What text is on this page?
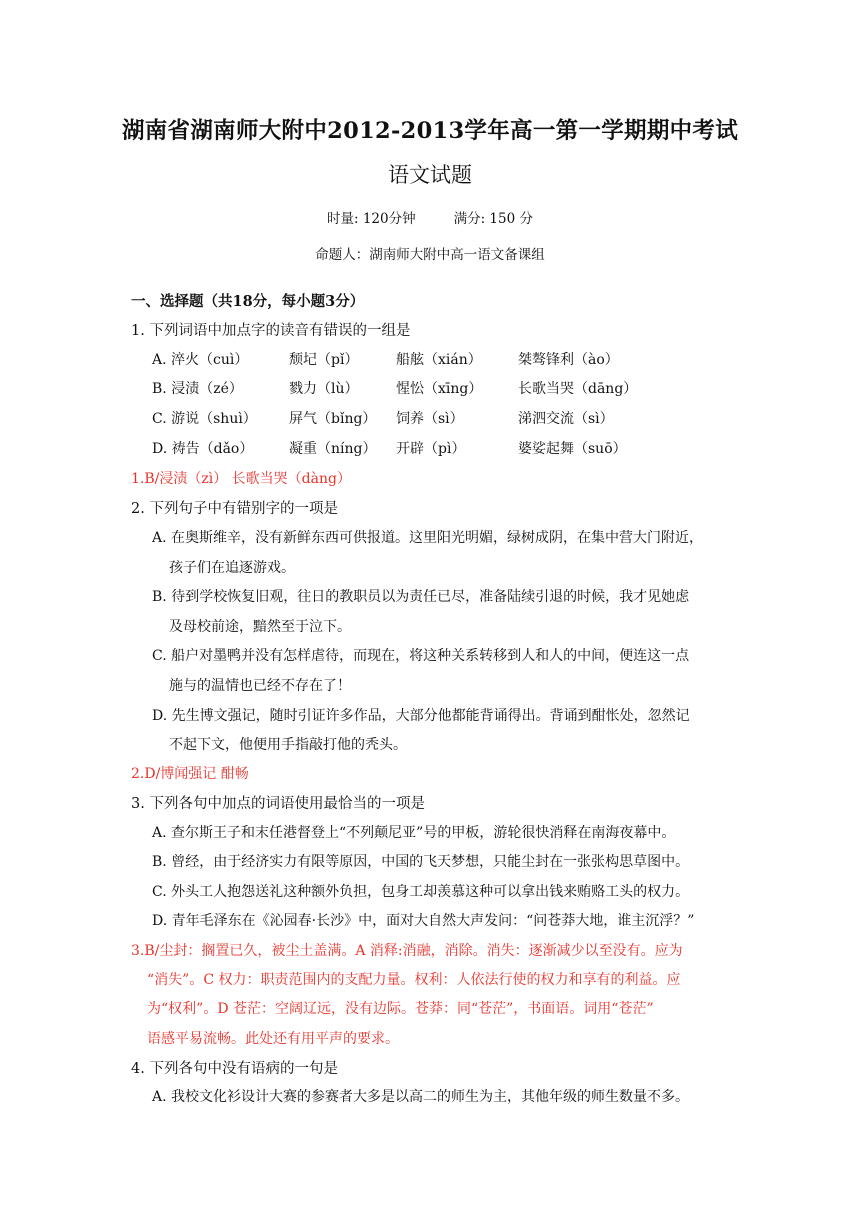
湖南省湖南师大附中2012-2013学年高一第一学期期中考试
语文试题
时量: 120分钟	满分: 150 分
命题人：湖南师大附中高一语文备课组
一、选择题（共18分，每小题3分）
1. 下列词语中加点字的读音有错误的一组是
A. 淬火（cuì）	颓圮（pǐ）	船舷（xián）	桀骜锋利（ào）
B. 浸渍（zé）	戮力（lù）	惺忪（xīng）	长歌当哭（dāng）
C. 游说（shuì） 屏气（bǐng） 饲养（sì）	涕泗交流（sì）
D. 祷告（dǎo）	凝重（níng） 开辟（pì）	婆娑起舞（suō）
1.B/浸渍（zì） 长歌当哭（dàng）
2. 下列句子中有错别字的一项是
A. 在奥斯维辛，没有新鲜东西可供报道。这里阳光明媚，绿树成阴，在集中营大门附近，
孩子们在追逐游戏。
B. 待到学校恢复旧观，往日的教职员以为责任已尽，准备陆续引退的时候，我才见她虑
及母校前途，黯然至于泣下。
C. 船户对墨鸭并没有怎样虐待，而现在，将这种关系转移到人和人的中间，便连这一点
施与的温情也已经不存在了！
D. 先生博文强记，随时引证许多作品，大部分他都能背诵得出。背诵到酣怅处，忽然记
不起下文，他便用手指敲打他的秃头。
2.D/博闻强记 酣畅
3. 下列各句中加点的词语使用最恰当的一项是
A. 查尔斯王子和末任港督登上“不列颠尼亚”号的甲板，游轮很快消释在南海夜幕中。
B. 曾经，由于经济实力有限等原因，中国的飞天梦想，只能尘封在一张张构思草图中。
C. 外头工人抱怨送礼这种额外负担，包身工却羡慕这种可以拿出钱来贿赂工头的权力。
D. 青年毛泽东在《沁园春·长沙》中，面对大自然大声发问：“问苍莽大地，谁主沉浮？”
3.B/尘封：搁置已久，被尘土盖满。A 消释:消融，消除。消失：逐渐减少以至没有。应为
“消失”。C 权力：职责范围内的支配力量。权利：人依法行使的权力和享有的利益。应
为“权利”。D 苍茫：空阔辽远，没有边际。苍莽：同“苍茫”，书面语。词用“苍茫”
语感平易流畅。此处还有用平声的要求。
4. 下列各句中没有语病的一句是
A. 我校文化衫设计大赛的参赛者大多是以高二的师生为主，其他年级的师生数量不多。
